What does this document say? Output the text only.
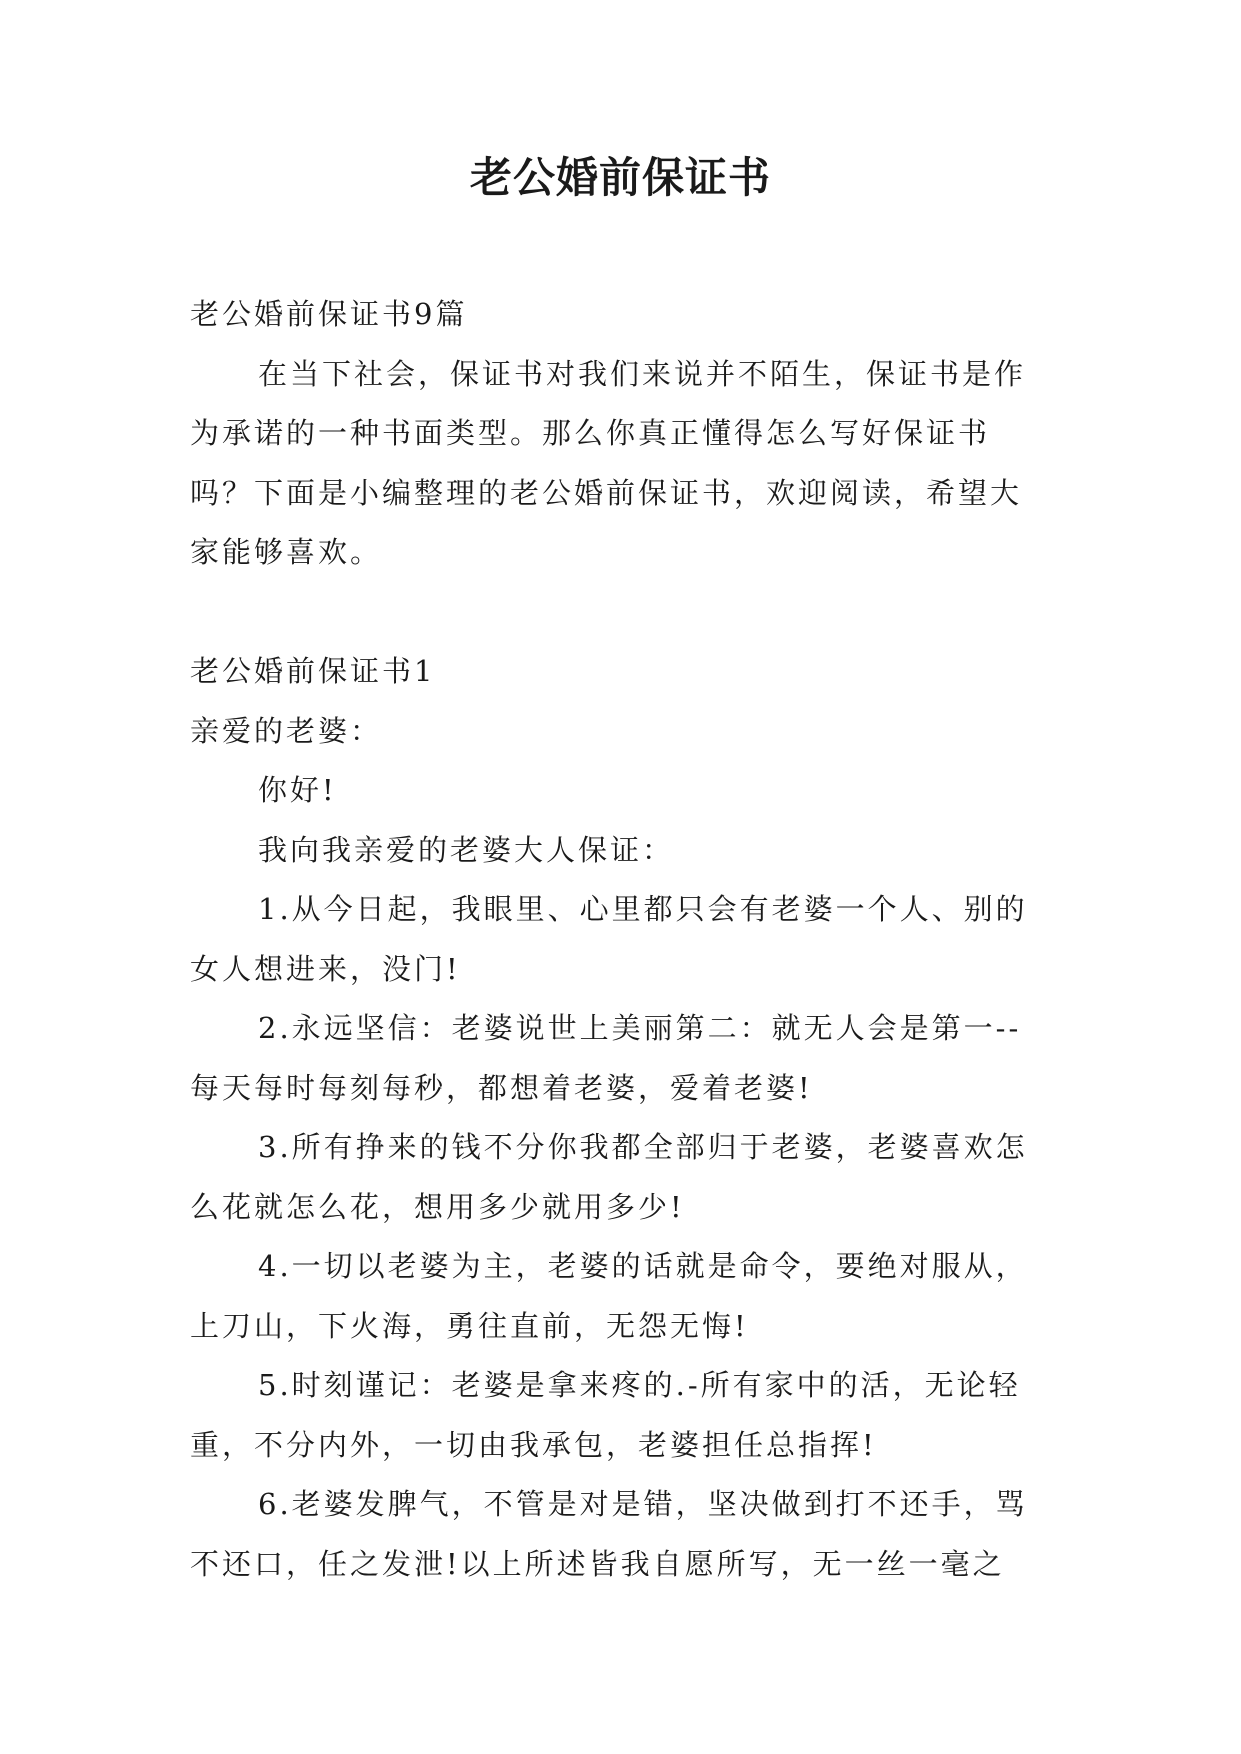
老公婚前保证书

老公婚前保证书9篇

在当下社会，保证书对我们来说并不陌生，保证书是作为承诺的一种书面类型。那么你真正懂得怎么写好保证书吗？下面是小编整理的老公婚前保证书，欢迎阅读，希望大家能够喜欢。

老公婚前保证书1

亲爱的老婆：

你好!

我向我亲爱的老婆大人保证：

1.从今日起，我眼里、心里都只会有老婆一个人、别的女人想进来，没门!

2.永远坚信：老婆说世上美丽第二：就无人会是第一--每天每时每刻每秒，都想着老婆，爱着老婆!

3.所有挣来的钱不分你我都全部归于老婆，老婆喜欢怎么花就怎么花，想用多少就用多少!

4.一切以老婆为主，老婆的话就是命令，要绝对服从，上刀山，下火海，勇往直前，无怨无悔!

5.时刻谨记：老婆是拿来疼的.-所有家中的活，无论轻重，不分内外，一切由我承包，老婆担任总指挥!

6.老婆发脾气，不管是对是错，坚决做到打不还手，骂不还口，任之发泄!以上所述皆我自愿所写，无一丝一毫之
